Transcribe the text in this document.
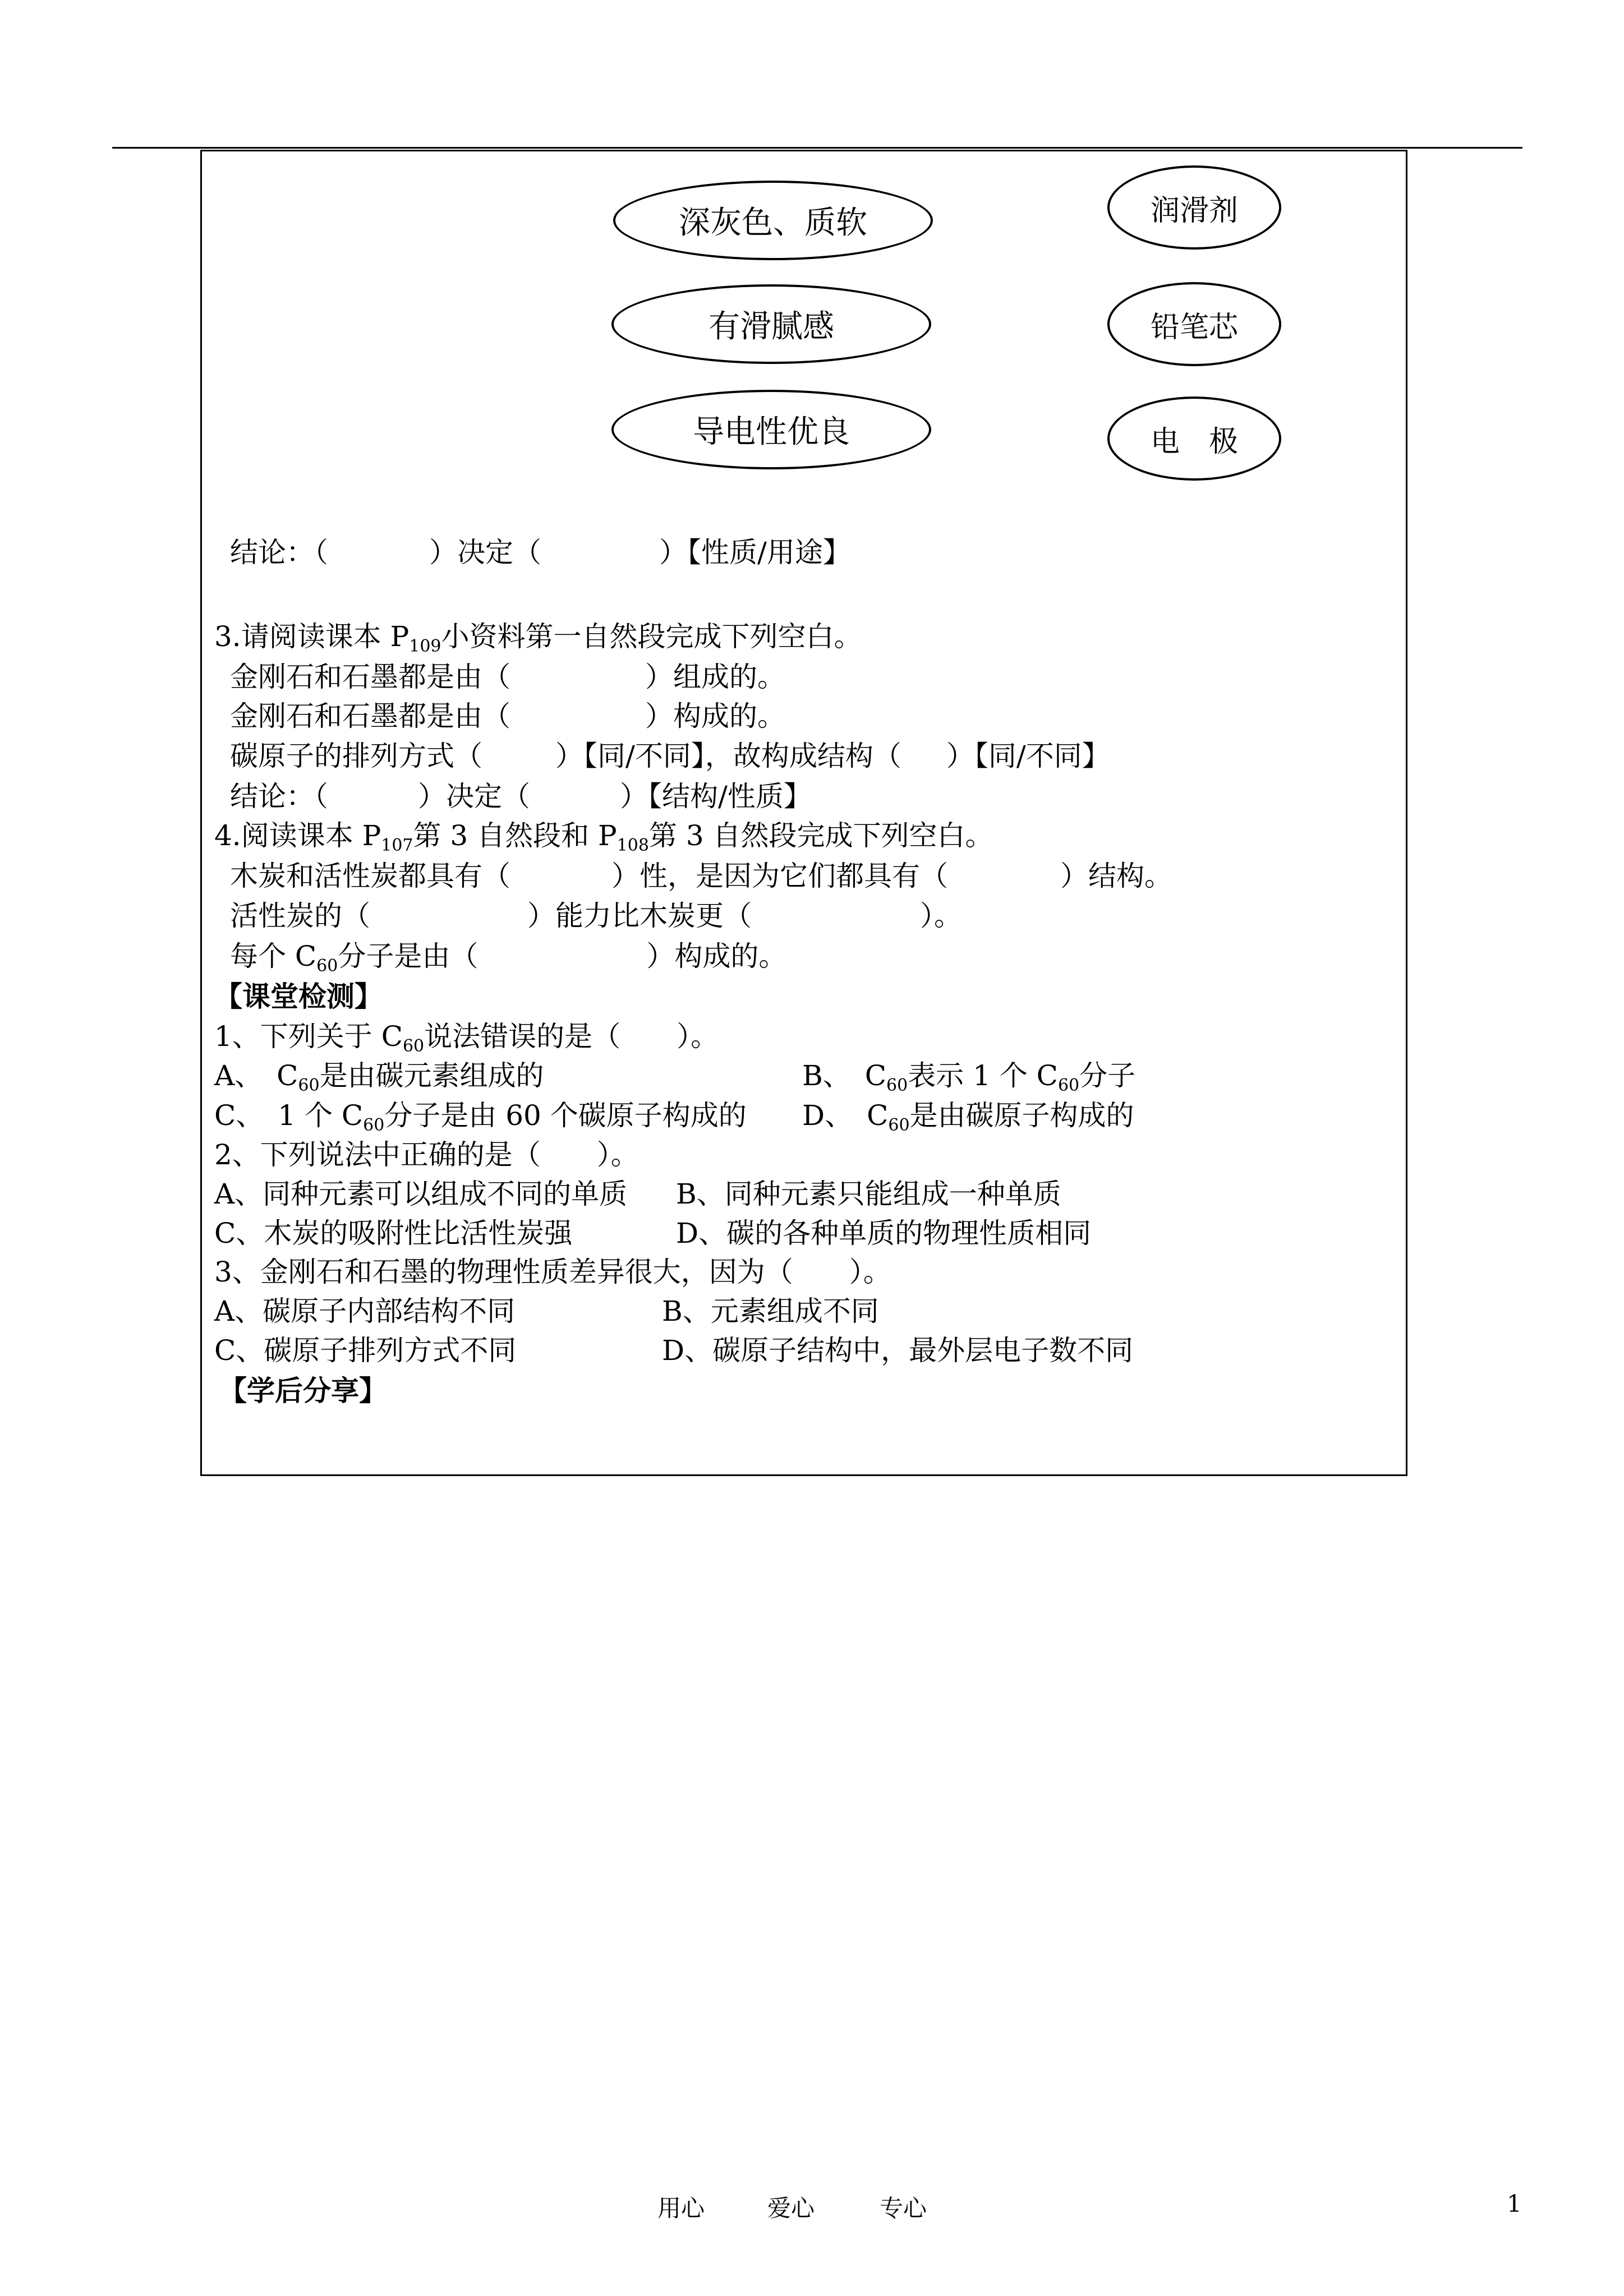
深灰色、质软
有滑腻感
导电性优良
润滑剂
铅笔芯
电　极
结论：（	）决定（	）【性质/用途】
3.请阅读课本 $P_{109}$小资料第一自然段完成下列空白。
金刚石和石墨都是由（	）组成的。
金刚石和石墨都是由（	）构成的。
碳原子的排列方式（	）【同/不同】，故构成结构（ ）【同/不同】
结论：（	）决定（	）【结构/性质】
4.阅读课本 $P_{107}$第 3 自然段和 $P_{108}$第 3 自然段完成下列空白。
木炭和活性炭都具有（	）性，是因为它们都具有（	）结构。
活性炭的（	）能力比木炭更（	）。
每个 $C_{60}$分子是由（	）构成的。
【课堂检测】
1、下列关于 $C_{60}$说法错误的是（　　）。
A、　$C_{60}$是由碳元素组成的	B、　$C_{60}$表示 1 个 $C_{60}$分子
C、　1 个 $C_{60}$分子是由 60 个碳原子构成的 D、　$C_{60}$是由碳原子构成的
2、下列说法中正确的是（　　）。
A、同种元素可以组成不同的单质 B、同种元素只能组成一种单质
C、木炭的吸附性比活性炭强	D、碳的各种单质的物理性质相同
3、金刚石和石墨的物理性质差异很大，因为（　　）。
A、碳原子内部结构不同	B、元素组成不同
C、碳原子排列方式不同	D、碳原子结构中，最外层电子数不同
【学后分享】
用心	爱心	专心	1
